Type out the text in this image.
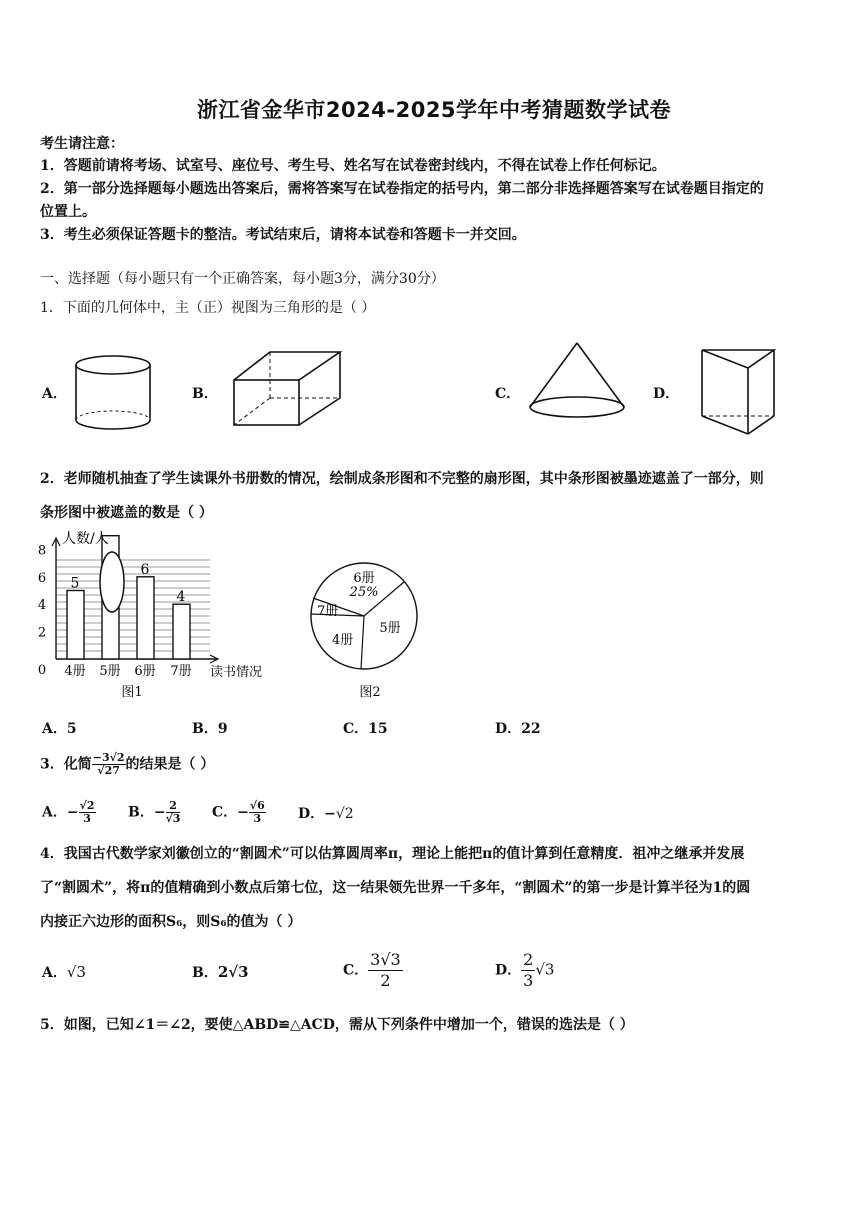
浙江省金华市2024-2025学年中考猜题数学试卷
考生请注意：
1．答题前请将考场、试室号、座位号、考生号、姓名写在试卷密封线内，不得在试卷上作任何标记。
2．第一部分选择题每小题选出答案后，需将答案写在试卷指定的括号内，第二部分非选择题答案写在试卷题目指定的
位置上。
3．考生必须保证答题卡的整洁。考试结束后，请将本试卷和答题卡一并交回。
一、选择题（每小题只有一个正确答案，每小题3分，满分30分）
1．下面的几何体中，主（正）视图为三角形的是（ ）
A．	B．	C．	D．
2．老师随机抽查了学生读课外书册数的情况，绘制成条形图和不完整的扇形图，其中条形图被墨迹遮盖了一部分，则
条形图中被遮盖的数是（ ）
0
2
4
6
8
4册
5
5册 6册
6
7册
4
人数/人
读书情况
图1
6册
25%
7册
4册
5册
图2
A．5	B．9	C．15	D．22
3．化简 $\frac{-3√2}{√27}$ 的结果是（ ）
A．− $\frac{√2}{3}$ B．− $\frac{2}{√3}$ C．− $\frac{√6}{3}$ D．−√2
4．我国古代数学家刘徽创立的“割圆术”可以估算圆周率π，理论上能把π的值计算到任意精度．祖冲之继承并发展
了“割圆术”，将π的值精确到小数点后第七位，这一结果领先世界一千多年，“割圆术”的第一步是计算半径为1的圆
内接正六边形的面积S₆，则S₆的值为（ ）
A．√3	B．2√3	C． $\frac{3√3}{2}$	D． $\frac{2}{3}√3$
5．如图，已知∠1＝∠2，要使△ABD≌△ACD，需从下列条件中增加一个，错误的选法是（ ）
